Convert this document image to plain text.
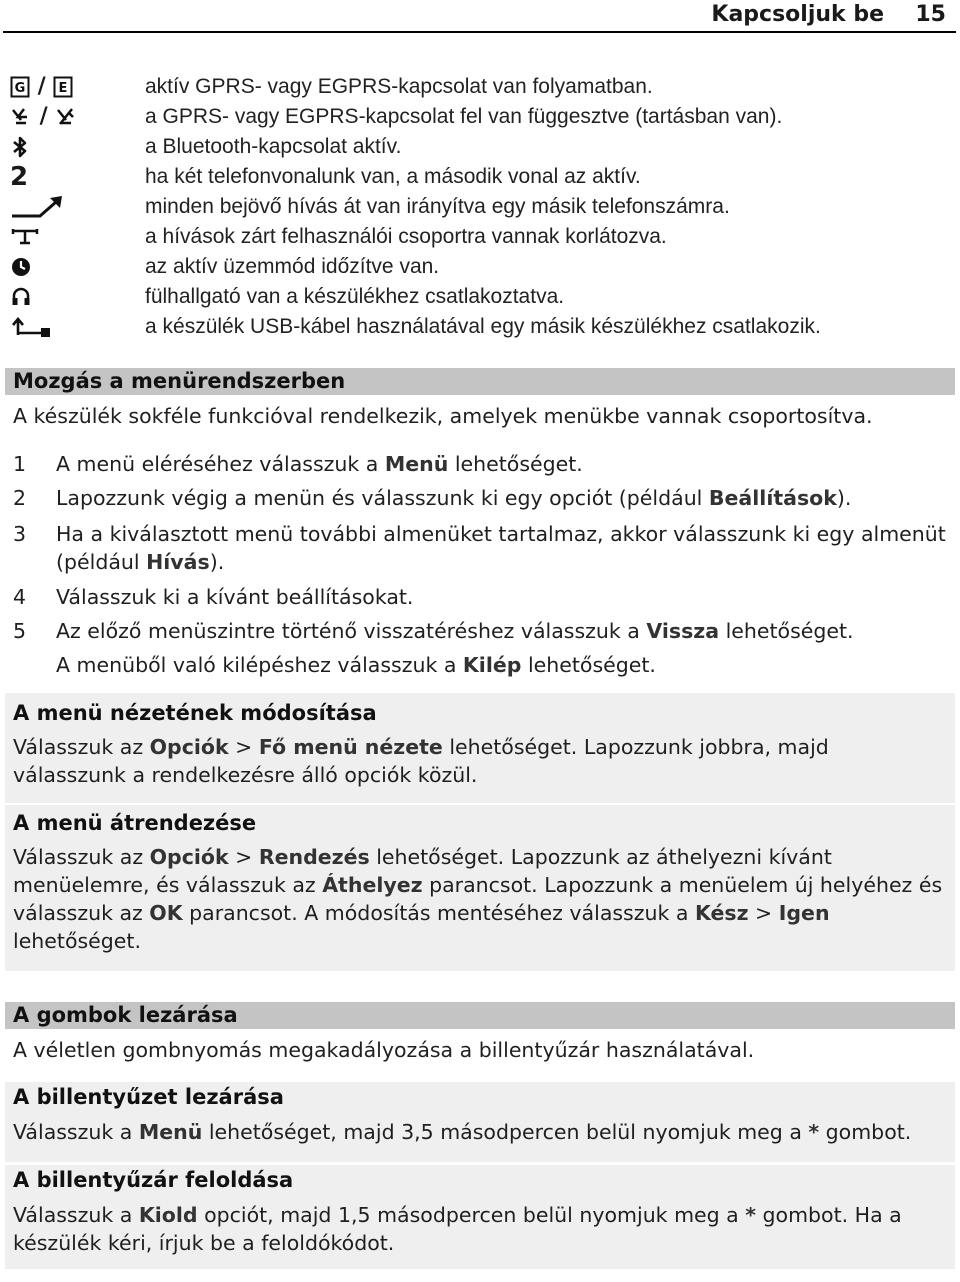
Kapcsoljuk be 15
G / E	aktív GPRS- vagy EGPRS-kapcsolat van folyamatban.
/	a GPRS- vagy EGPRS-kapcsolat fel van függesztve (tartásban van).
a Bluetooth-kapcsolat aktív.
2	ha két telefonvonalunk van, a második vonal az aktív.
minden bejövő hívás át van irányítva egy másik telefonszámra.
a hívások zárt felhasználói csoportra vannak korlátozva.
az aktív üzemmód időzítve van.
fülhallgató van a készülékhez csatlakoztatva.
a készülék USB-kábel használatával egy másik készülékhez csatlakozik.
Mozgás a menürendszerben
A készülék sokféle funkcióval rendelkezik, amelyek menükbe vannak csoportosítva.
1	A menü eléréséhez válasszuk a Menü lehetőséget.
2	Lapozzunk végig a menün és válasszunk ki egy opciót (például Beállítások).
3	Ha a kiválasztott menü további almenüket tartalmaz, akkor válasszunk ki egy almenüt (például Hívás).
4	Válasszuk ki a kívánt beállításokat.
5	Az előző menüszintre történő visszatéréshez válasszuk a Vissza lehetőséget.
A menüből való kilépéshez válasszuk a Kilép lehetőséget.
A menü nézetének módosítása
Válasszuk az Opciók > Fő menü nézete lehetőséget. Lapozzunk jobbra, majd válasszunk a rendelkezésre álló opciók közül.
A menü átrendezése
Válasszuk az Opciók > Rendezés lehetőséget. Lapozzunk az áthelyezni kívánt menüelemre, és válasszuk az Áthelyez parancsot. Lapozzunk a menüelem új helyéhez és válasszuk az OK parancsot. A módosítás mentéséhez válasszuk a Kész > Igen lehetőséget.
A gombok lezárása
A véletlen gombnyomás megakadályozása a billentyűzár használatával.
A billentyűzet lezárása
Válasszuk a Menü lehetőséget, majd 3,5 másodpercen belül nyomjuk meg a * gombot.
A billentyűzár feloldása
Válasszuk a Kiold opciót, majd 1,5 másodpercen belül nyomjuk meg a * gombot. Ha a készülék kéri, írjuk be a feloldókódot.
